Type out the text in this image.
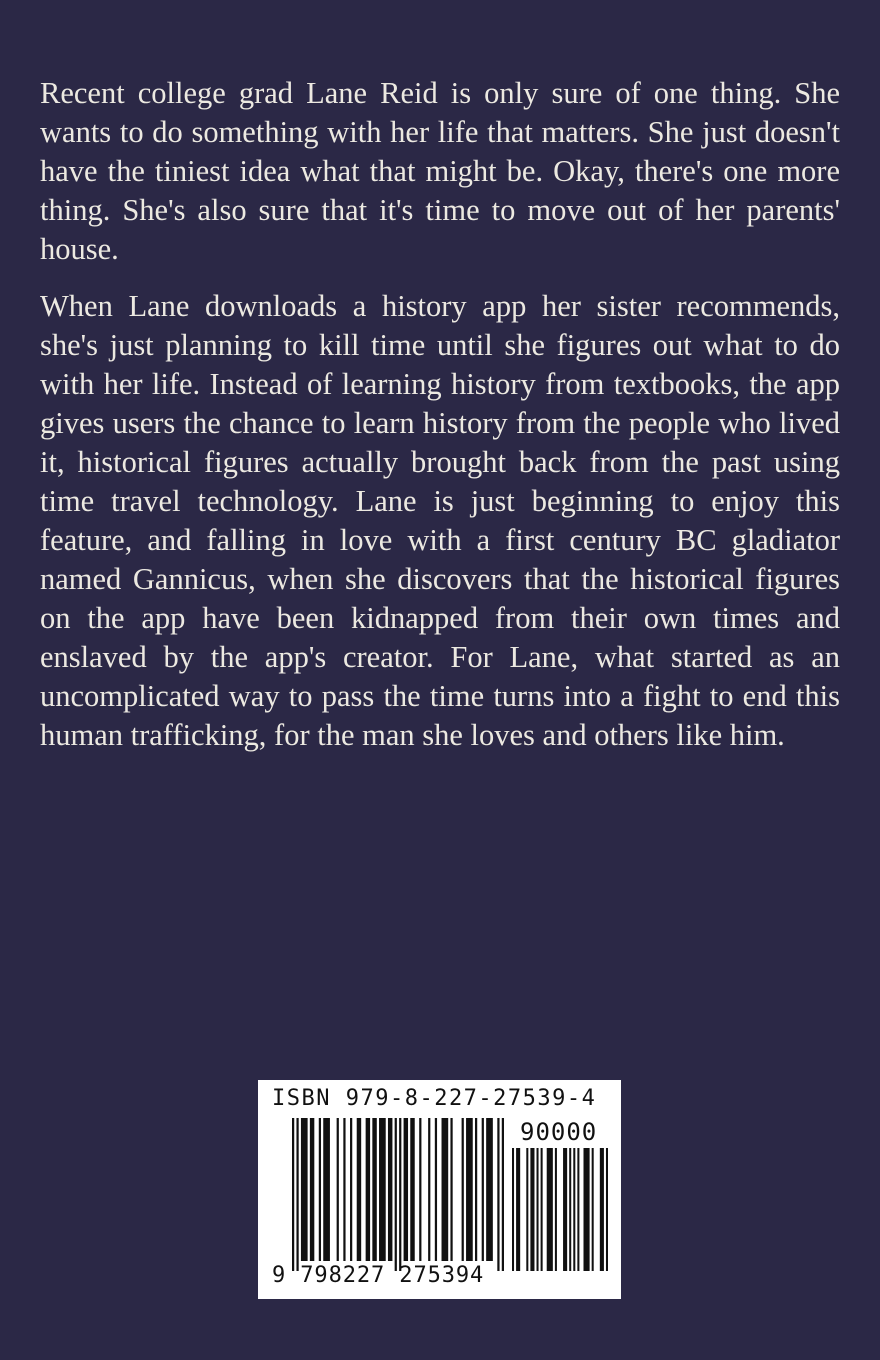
Recent college grad Lane Reid is only sure of one thing. She wants to do something with her life that matters. She just doesn't have the tiniest idea what that might be. Okay, there's one more thing. She's also sure that it's time to move out of her parents' house.

When Lane downloads a history app her sister recommends, she's just planning to kill time until she figures out what to do with her life. Instead of learning history from textbooks, the app gives users the chance to learn history from the people who lived it, historical figures actually brought back from the past using time travel technology. Lane is just beginning to enjoy this feature, and falling in love with a first century BC gladiator named Gannicus, when she discovers that the historical figures on the app have been kidnapped from their own times and enslaved by the app's creator. For Lane, what started as an uncomplicated way to pass the time turns into a fight to end this human trafficking, for the man she loves and others like him.

ISBN 979-8-227-27539-4
90000
9 798227 275394
